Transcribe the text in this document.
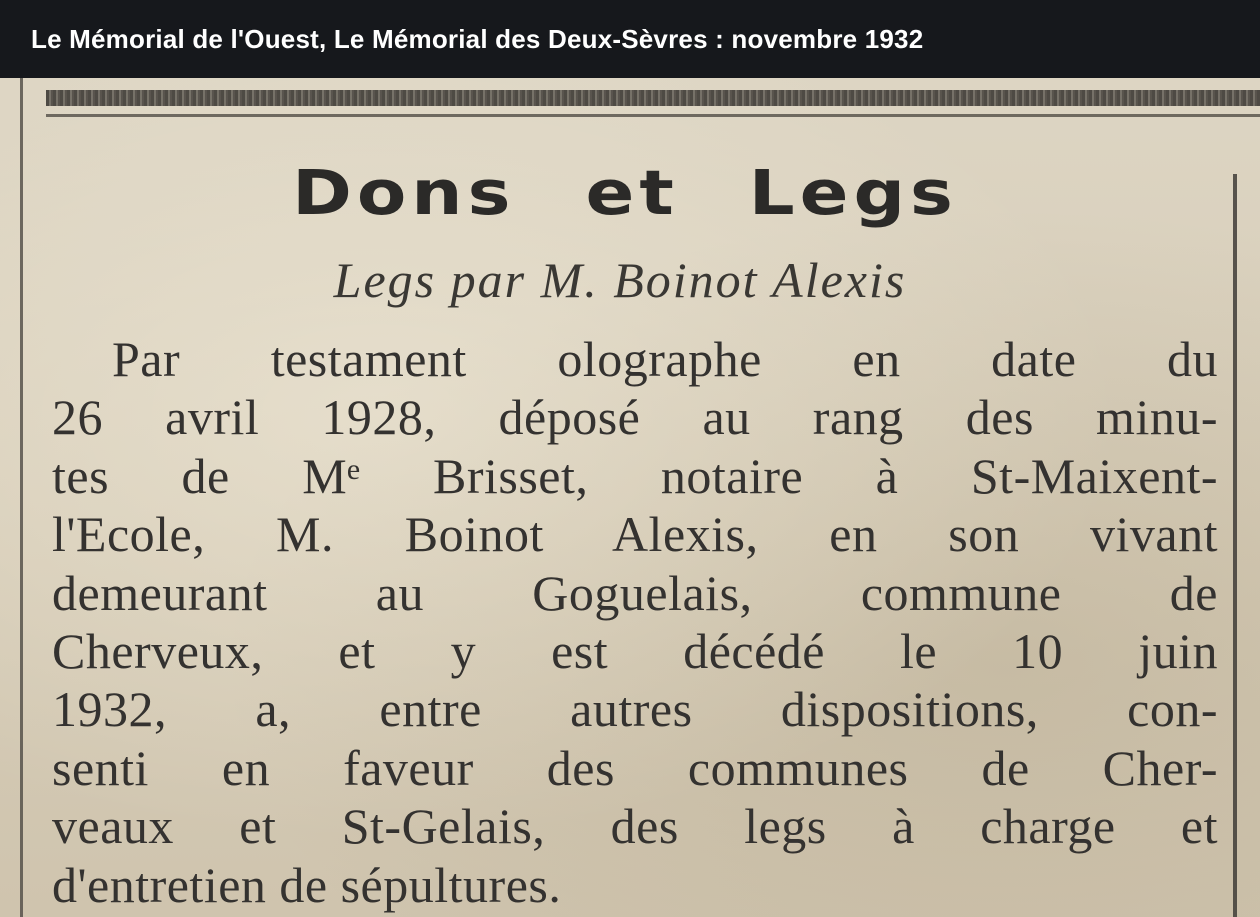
Le Mémorial de l'Ouest, Le Mémorial des Deux-Sèvres : novembre 1932
Dons et Legs
Legs par M. Boinot Alexis
Par testament olographe en date du
26 avril 1928, déposé au rang des minu-
tes de Mᵉ Brisset, notaire à St-Maixent-
l'Ecole, M. Boinot Alexis, en son vivant
demeurant au Goguelais, commune de
Cherveux, et y est décédé le 10 juin
1932, a, entre autres dispositions, con-
senti en faveur des communes de Cher-
veaux et St-Gelais, des legs à charge et
d'entretien de sépultures.
